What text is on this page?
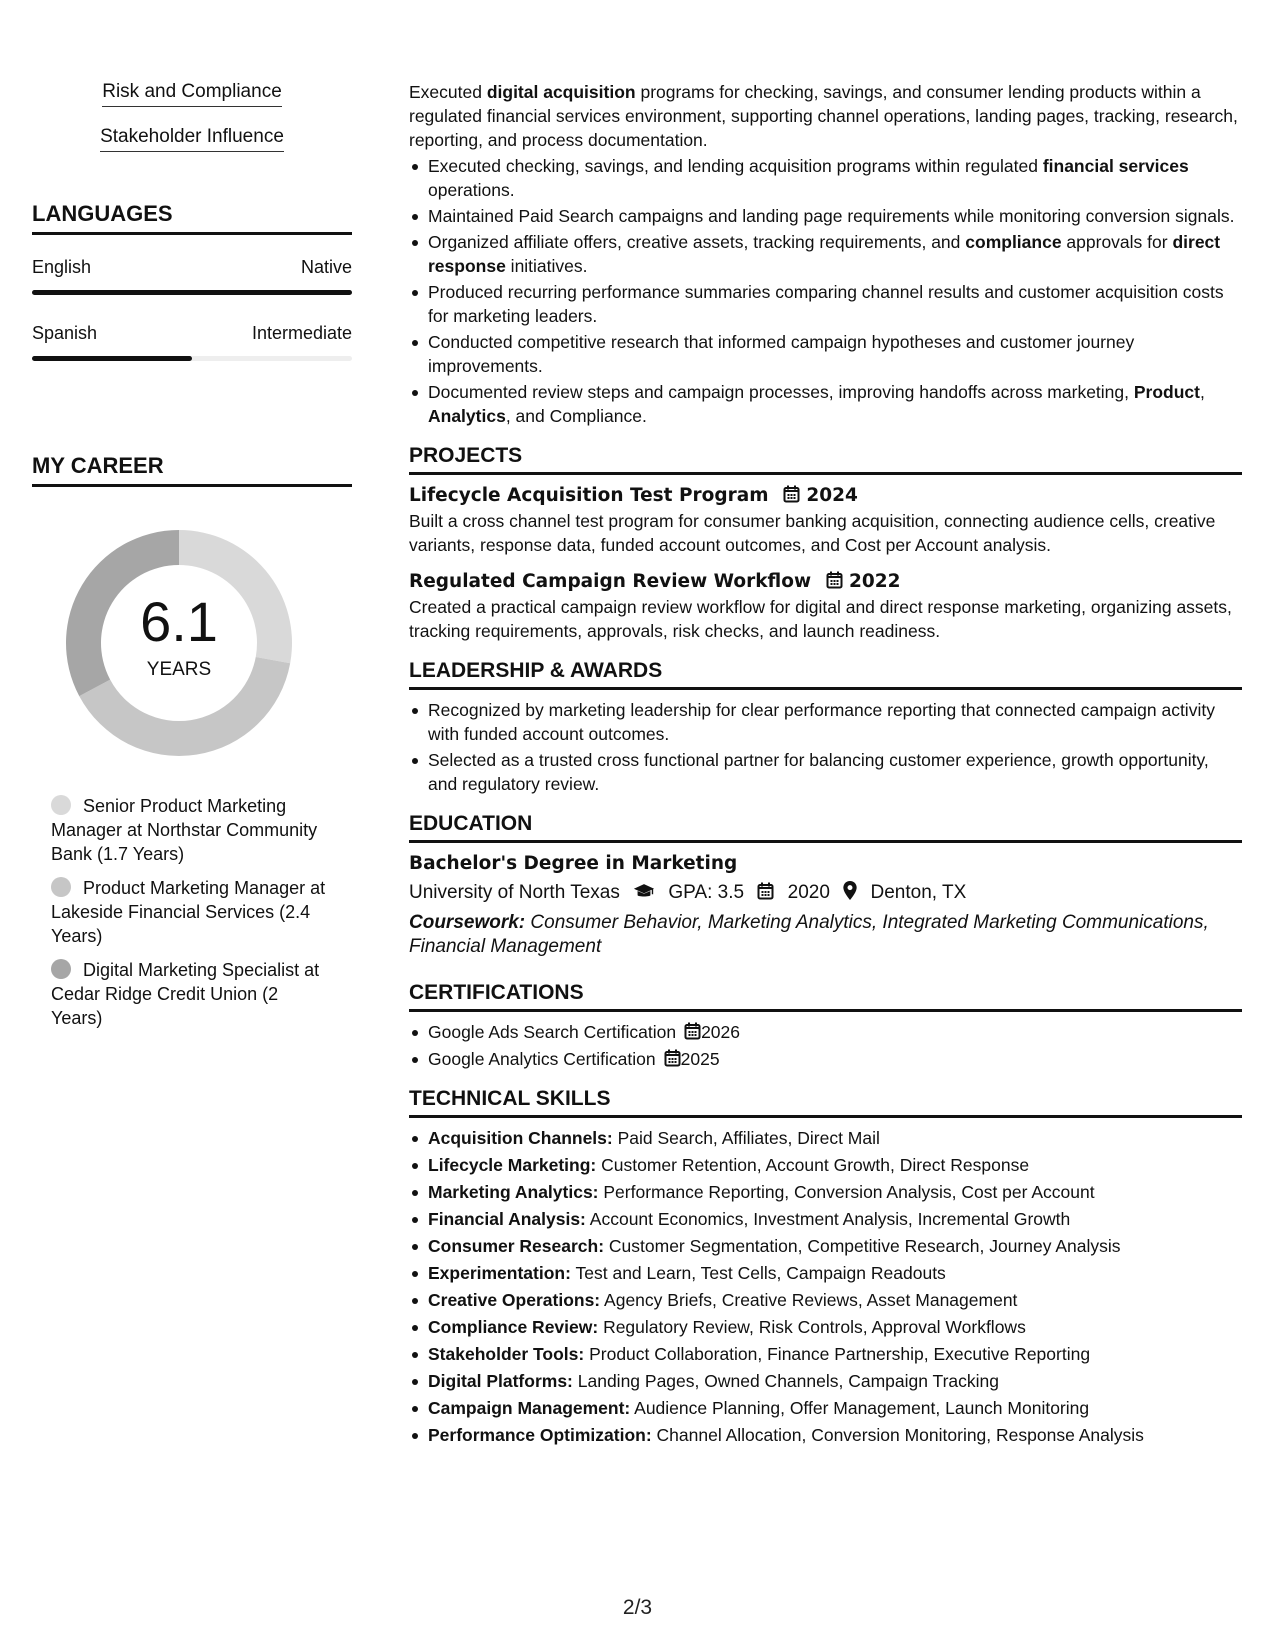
Risk and Compliance
Stakeholder Influence
LANGUAGES
English	Native
Spanish	Intermediate
MY CAREER
6.1
YEARS
Senior Product Marketing Manager at Northstar Community Bank (1.7 Years)
Product Marketing Manager at Lakeside Financial Services (2.4 Years)
Digital Marketing Specialist at Cedar Ridge Credit Union (2 Years)

Executed digital acquisition programs for checking, savings, and consumer lending products within a regulated financial services environment, supporting channel operations, landing pages, tracking, research, reporting, and process documentation.

Executed checking, savings, and lending acquisition programs within regulated financial services operations.
Maintained Paid Search campaigns and landing page requirements while monitoring conversion signals.
Organized affiliate offers, creative assets, tracking requirements, and compliance approvals for direct response initiatives.
Produced recurring performance summaries comparing channel results and customer acquisition costs for marketing leaders.
Conducted competitive research that informed campaign hypotheses and customer journey improvements.
Documented review steps and campaign processes, improving handoffs across marketing, Product, Analytics, and Compliance.
PROJECTS
Lifecycle Acquisition Test Program 2024

Built a cross channel test program for consumer banking acquisition, connecting audience cells, creative variants, response data, funded account outcomes, and Cost per Account analysis.

Regulated Campaign Review Workflow 2022

Created a practical campaign review workflow for digital and direct response marketing, organizing assets, tracking requirements, approvals, risk checks, and launch readiness.

LEADERSHIP & AWARDS
Recognized by marketing leadership for clear performance reporting that connected campaign activity with funded account outcomes.
Selected as a trusted cross functional partner for balancing customer experience, growth opportunity, and regulatory review.
EDUCATION
Bachelor's Degree in Marketing
University of North Texas	GPA: 3.5 2020 Denton, TX
Coursework: Consumer Behavior, Marketing Analytics, Integrated Marketing Communications, Financial Management
CERTIFICATIONS
Google Ads Search Certification 2026
Google Analytics Certification 2025
TECHNICAL SKILLS
Acquisition Channels: Paid Search, Affiliates, Direct Mail
Lifecycle Marketing: Customer Retention, Account Growth, Direct Response
Marketing Analytics: Performance Reporting, Conversion Analysis, Cost per Account
Financial Analysis: Account Economics, Investment Analysis, Incremental Growth
Consumer Research: Customer Segmentation, Competitive Research, Journey Analysis
Experimentation: Test and Learn, Test Cells, Campaign Readouts
Creative Operations: Agency Briefs, Creative Reviews, Asset Management
Compliance Review: Regulatory Review, Risk Controls, Approval Workflows
Stakeholder Tools: Product Collaboration, Finance Partnership, Executive Reporting
Digital Platforms: Landing Pages, Owned Channels, Campaign Tracking
Campaign Management: Audience Planning, Offer Management, Launch Monitoring
Performance Optimization: Channel Allocation, Conversion Monitoring, Response Analysis
2/3
